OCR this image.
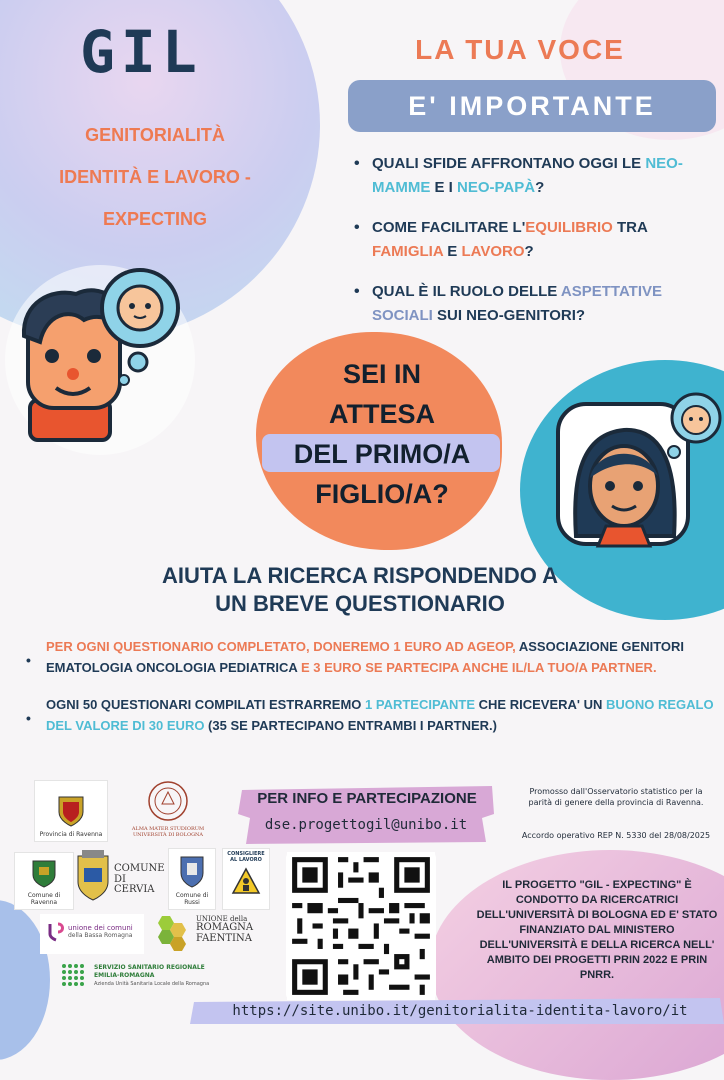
GIL
GENITORIALITÀ
IDENTITÀ E LAVORO -
EXPECTING
LA TUA VOCE
E' IMPORTANTE
• QUALI SFIDE AFFRONTANO OGGI LE NEO- MAMME E I NEO-PAPÀ?
• COME FACILITARE L'EQUILIBRIO TRA FAMIGLIA E LAVORO?
• QUAL È IL RUOLO DELLE ASPETTATIVE SOCIALI SUI NEO-GENITORI?
SEI IN
ATTESA
DEL PRIMO/A
FIGLIO/A?
AIUTA LA RICERCA RISPONDENDO A
UN BREVE QUESTIONARIO
• PER OGNI QUESTIONARIO COMPLETATO, DONEREMO 1 EURO AD AGEOP, ASSOCIAZIONE GENITORI EMATOLOGIA ONCOLOGIA PEDIATRICA E 3 EURO SE PARTECIPA ANCHE IL/LA TUO/A PARTNER.
• OGNI 50 QUESTIONARI COMPILATI ESTRARREMO 1 PARTECIPANTE CHE RICEVERA' UN BUONO REGALO DEL VALORE DI 30 EURO (35 SE PARTECIPANO ENTRAMBI I PARTNER.)
PER INFO E PARTECIPAZIONE
dse.progettogil@unibo.it
Promosso dall'Osservatorio statistico per la parità di genere della provincia di Ravenna.
Accordo operativo REP N. 5330 del 28/08/2025
IL PROGETTO "GIL - EXPECTING" È CONDOTTO DA RICERCATRICI DELL'UNIVERSITÀ DI BOLOGNA ED E' STATO FINANZIATO DAL MINISTERO DELL'UNIVERSITÀ E DELLA RICERCA NELL' AMBITO DEI PROGETTI PRIN 2022 E PRIN PNRR.
https://site.unibo.it/genitorialita-identita-lavoro/it
Provincia di Ravenna
ALMA MATER STUDIORUM
UNIVERSITÀ DI BOLOGNA
Comune di Ravenna
COMUNE
DI CERVIA
Comune di Russi
CONSIGLIERE
AL LAVORO
unione dei comuni
della Bassa Romagna
UNIONE della
ROMAGNA
FAENTINA
SERVIZIO SANITARIO REGIONALE
EMILIA-ROMAGNA
Azienda Unità Sanitaria Locale della Romagna
